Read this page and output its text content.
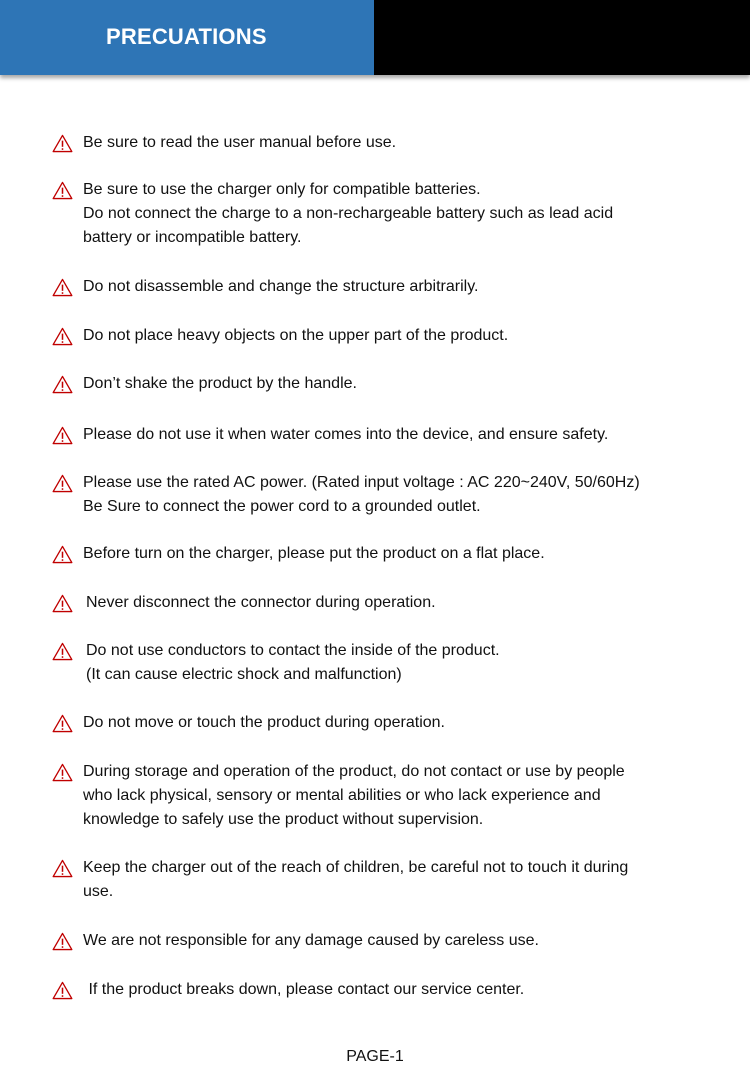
PRECUATIONS
Be sure to read the user manual before use.
Be sure to use the charger only for compatible batteries.
Do not connect the charge to a non-rechargeable battery such as lead acid
battery or incompatible battery.
Do not disassemble and change the structure arbitrarily.
Do not place heavy objects on the upper part of the product.
Don’t shake the product by the handle.
Please do not use it when water comes into the device, and ensure safety.
Please use the rated AC power. (Rated input voltage : AC 220~240V, 50/60Hz)
Be Sure to connect the power cord to a grounded outlet.
Before turn on the charger, please put the product on a flat place.
Never disconnect the connector during operation.
Do not use conductors to contact the inside of the product.
(It can cause electric shock and malfunction)
Do not move or touch the product during operation.
During storage and operation of the product, do not contact or use by people
who lack physical, sensory or mental abilities or who lack experience and
knowledge to safely use the product without supervision.
Keep the charger out of the reach of children, be careful not to touch it during
use.
We are not responsible for any damage caused by careless use.
If the product breaks down, please contact our service center.
PAGE-1
